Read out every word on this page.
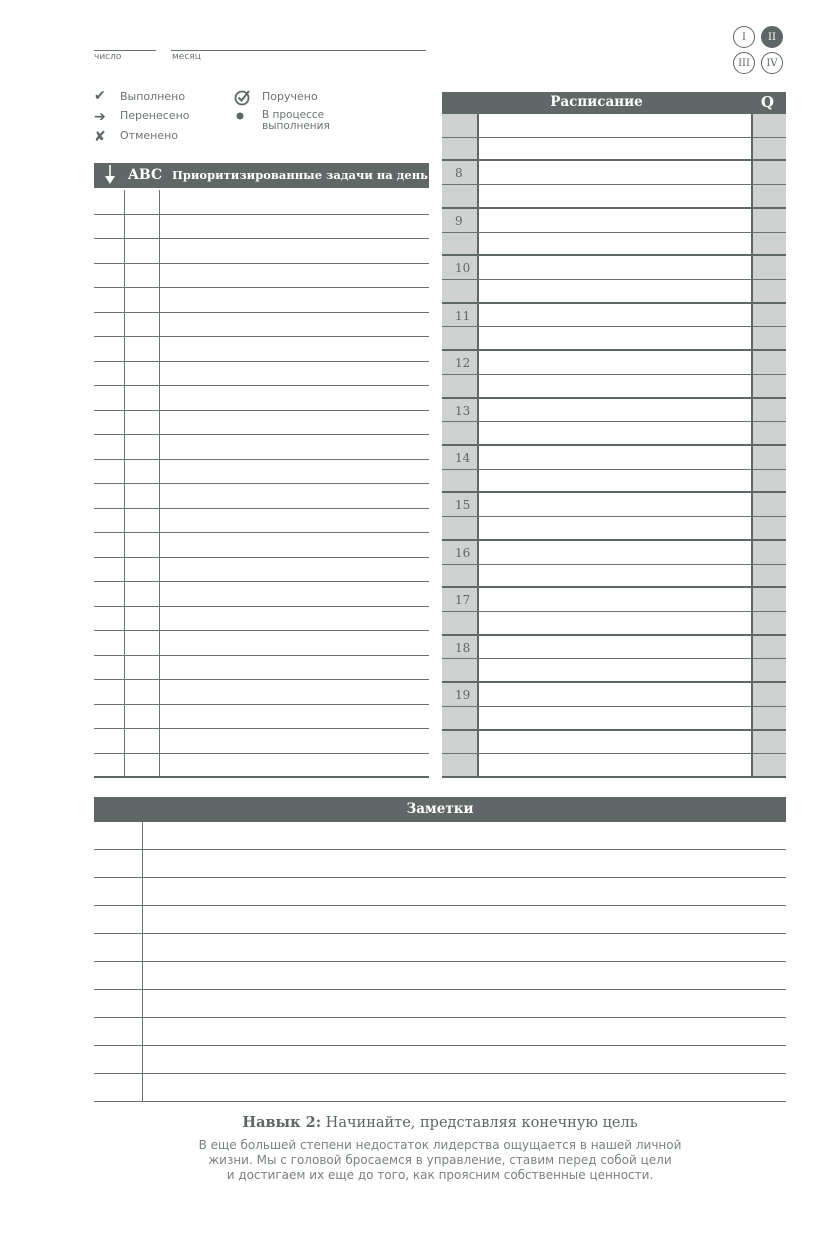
число	месяц
I	II
III	IV
✔	Выполнено
➔	Перенесено
✘	Отменено
Поручено
В процессе выполнения
ABC Приоритизированные задачи на день
Расписание	Q
8
9
10
11
12
13
14
15
16
17
18
19
Заметки
Навык 2: Начинайте, представляя конечную цель
В еще большей степени недостаток лидерства ощущается в нашей личной
жизни. Мы с головой бросаемся в управление, ставим перед собой цели
и достигаем их еще до того, как проясним собственные ценности.
